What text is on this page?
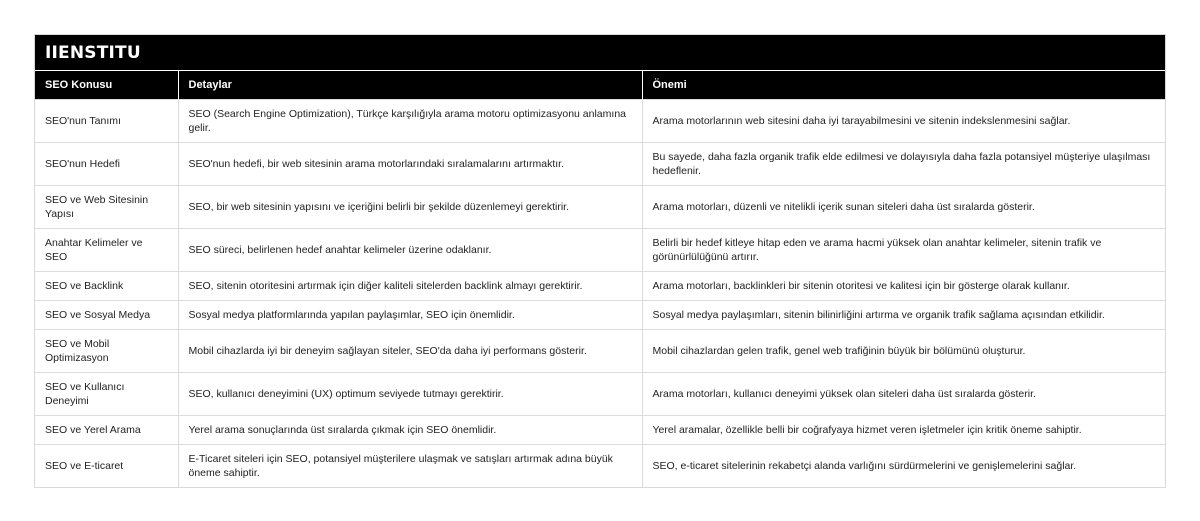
IIENSTITU
SEO Konusu	Detaylar	Önemi
SEO'nun Tanımı	SEO (Search Engine Optimization), Türkçe karşılığıyla arama motoru optimizasyonu anlamına gelir.	Arama motorlarının web sitesini daha iyi tarayabilmesini ve sitenin indekslenmesini sağlar.
SEO'nun Hedefi	SEO'nun hedefi, bir web sitesinin arama motorlarındaki sıralamalarını artırmaktır.	Bu sayede, daha fazla organik trafik elde edilmesi ve dolayısıyla daha fazla potansiyel müşteriye ulaşılması hedeflenir.
SEO ve Web Sitesinin Yapısı	SEO, bir web sitesinin yapısını ve içeriğini belirli bir şekilde düzenlemeyi gerektirir.	Arama motorları, düzenli ve nitelikli içerik sunan siteleri daha üst sıralarda gösterir.
Anahtar Kelimeler ve SEO	SEO süreci, belirlenen hedef anahtar kelimeler üzerine odaklanır.	Belirli bir hedef kitleye hitap eden ve arama hacmi yüksek olan anahtar kelimeler, sitenin trafik ve görünürlülüğünü artırır.
SEO ve Backlink	SEO, sitenin otoritesini artırmak için diğer kaliteli sitelerden backlink almayı gerektirir.	Arama motorları, backlinkleri bir sitenin otoritesi ve kalitesi için bir gösterge olarak kullanır.
SEO ve Sosyal Medya	Sosyal medya platformlarında yapılan paylaşımlar, SEO için önemlidir.	Sosyal medya paylaşımları, sitenin bilinirliğini artırma ve organik trafik sağlama açısından etkilidir.
SEO ve Mobil Optimizasyon	Mobil cihazlarda iyi bir deneyim sağlayan siteler, SEO'da daha iyi performans gösterir.	Mobil cihazlardan gelen trafik, genel web trafiğinin büyük bir bölümünü oluşturur.
SEO ve Kullanıcı Deneyimi	SEO, kullanıcı deneyimini (UX) optimum seviyede tutmayı gerektirir.	Arama motorları, kullanıcı deneyimi yüksek olan siteleri daha üst sıralarda gösterir.
SEO ve Yerel Arama	Yerel arama sonuçlarında üst sıralarda çıkmak için SEO önemlidir.	Yerel aramalar, özellikle belli bir coğrafyaya hizmet veren işletmeler için kritik öneme sahiptir.
SEO ve E-ticaret	E-Ticaret siteleri için SEO, potansiyel müşterilere ulaşmak ve satışları artırmak adına büyük öneme sahiptir.	SEO, e-ticaret sitelerinin rekabetçi alanda varlığını sürdürmelerini ve genişlemelerini sağlar.
